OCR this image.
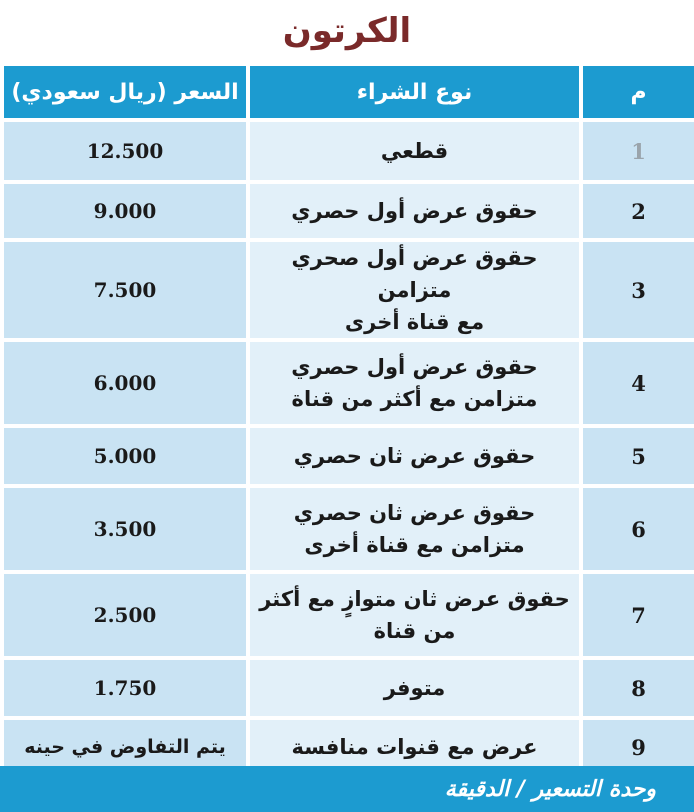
الكرتون
م	نوع الشراء	السعر (ريال سعودي)
1	قطعي	12.500
2	حقوق عرض أول حصري	9.000
3	حقوق عرض أول صحري متزامن
مع قناة أخرى	7.500
4	حقوق عرض أول حصري
متزامن مع أكثر من قناة	6.000
5	حقوق عرض ثان حصري	5.000
6	حقوق عرض ثان حصري
متزامن مع قناة أخرى	3.500
7	حقوق عرض ثان متوازٍ مع أكثر
من قناة	2.500
8	متوفر	1.750
9	عرض مع قنوات منافسة	يتم التفاوض في حينه
وحدة التسعير / الدقيقة
